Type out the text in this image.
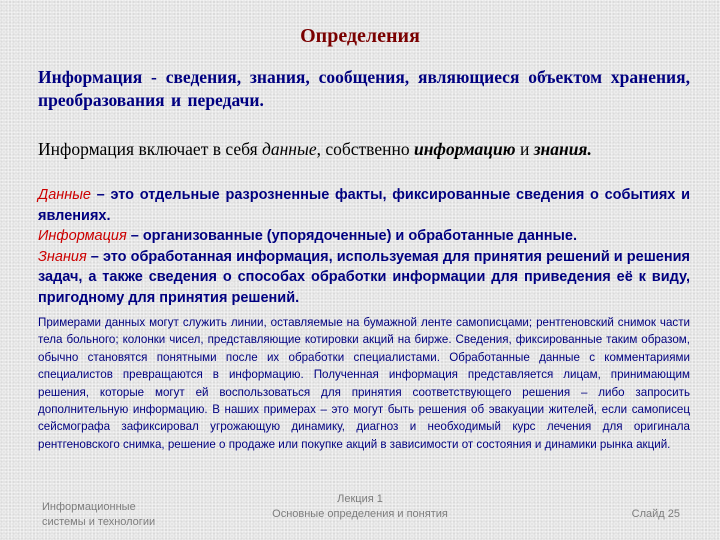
Определения

Информация - сведения, знания, сообщения, являющиеся объектом хранения, преобразования и передачи.

Информация включает в себя данные, собственно информацию и знания.

Данные – это отдельные разрозненные факты, фиксированные сведения о событиях и явлениях.

Информация – организованные (упорядоченные) и обработанные данные.

Знания – это обработанная информация, используемая для принятия решений и решения задач, а также сведения о способах обработки информации для приведения её к виду, пригодному для принятия решений.

Примерами данных могут служить линии, оставляемые на бумажной ленте самописцами; рентгеновский снимок части тела больного; колонки чисел, представляющие котировки акций на бирже. Сведения, фиксированные таким образом, обычно становятся понятными после их обработки специалистами. Обработанные данные с комментариями специалистов превращаются в информацию. Полученная информация представляется лицам, принимающим решения, которые могут ей воспользоваться для принятия соответствующего решения – либо запросить дополнительную информацию. В наших примерах – это могут быть решения об эвакуации жителей, если самописец сейсмографа зафиксировал угрожающую динамику, диагноз и необходимый курс лечения для оригинала рентгеновского снимка, решение о продаже или покупке акций в зависимости от состояния и динамики рынка акций.

Информационные
системы и технологии
Лекция 1
Основные определения и понятия	Слайд 25
